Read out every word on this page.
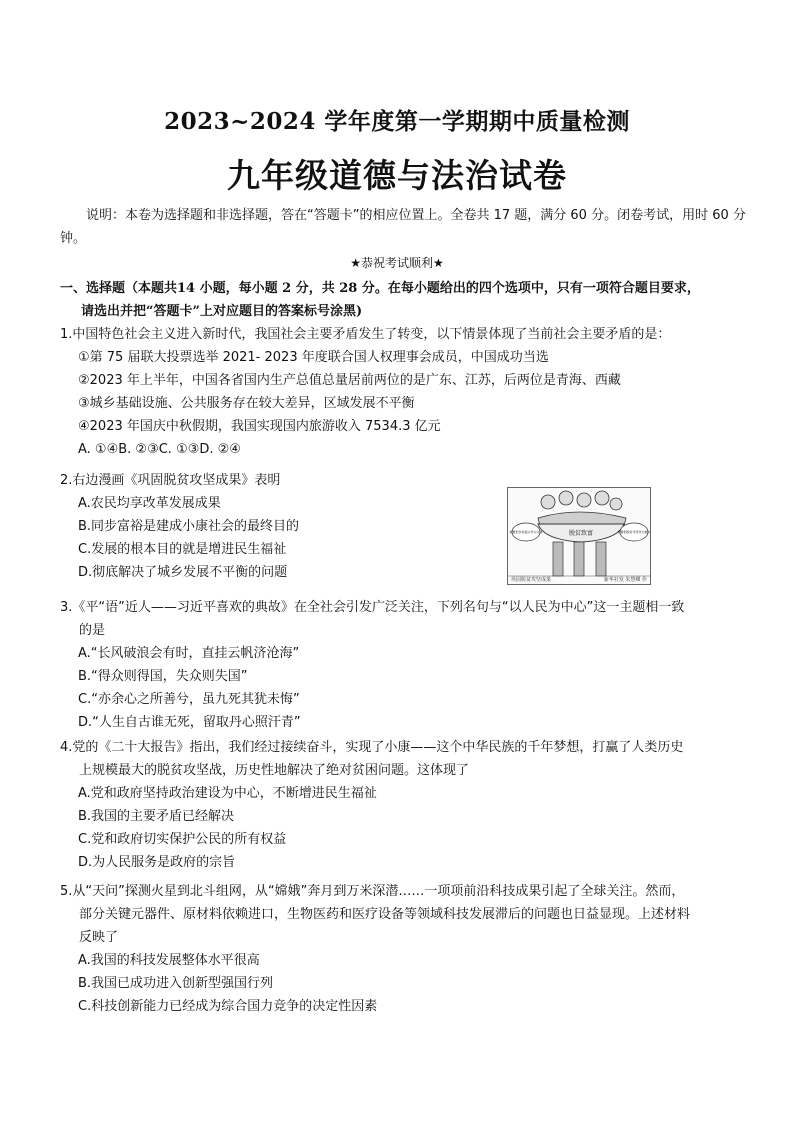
2023~2024 学年度第一学期期中质量检测
九年级道德与法治试卷
说明：本卷为选择题和非选择题，答在“答题卡”的相应位置上。全卷共 17 题，满分 60 分。闭卷考试，用时 60 分钟。
★恭祝考试顺利★
一、选择题（本题共14 小题，每小题 2 分，共 28 分。在每小题给出的四个选项中，只有一项符合题目要求，
请选出并把“答题卡”上对应题目的答案标号涂黑)
1.中国特色社会主义进入新时代，我国社会主要矛盾发生了转变，以下情景体现了当前社会主要矛盾的是：
①第 75 届联大投票选举 2021- 2023 年度联合国人权理事会成员，中国成功当选
②2023 年上半年，中国各省国内生产总值总量居前两位的是广东、江苏，后两位是青海、西藏
③城乡基础设施、公共服务存在较大差异，区域发展不平衡
④2023 年国庆中秋假期，我国实现国内旅游收入 7534.3 亿元
A. ①④B. ②③C. ①③D. ②④
2.右边漫画《巩固脱贫攻坚成果》表明
A.农民均享改革发展成果
B.同步富裕是建成小康社会的最终目的
C.发展的根本目的就是增进民生福祉
D.彻底解决了城乡发展不平衡的问题
脱贫致富
我要把乡村振兴作为主体	我要把脱贫攻坚作为推动
巩固脱贫攻坚成果	新华社发 朱慧卿 作
3.《平“语”近人——习近平喜欢的典故》在全社会引发广泛关注，下列名句与“以人民为中心”这一主题相一致
的是
A.“长风破浪会有时，直挂云帆济沧海”
B.“得众则得国，失众则失国”
C.“亦余心之所善兮，虽九死其犹未悔”
D.“人生自古谁无死，留取丹心照汗青”
4.党的《二十大报告》指出，我们经过接续奋斗，实现了小康——这个中华民族的千年梦想，打赢了人类历史
上规模最大的脱贫攻坚战，历史性地解决了绝对贫困问题。这体现了
A.党和政府坚持政治建设为中心，不断增进民生福祉
B.我国的主要矛盾已经解决
C.党和政府切实保护公民的所有权益
D.为人民服务是政府的宗旨
5.从“天问”探测火星到北斗组网，从“嫦娥”奔月到万米深潜……一项项前沿科技成果引起了全球关注。然而，
部分关键元器件、原材料依赖进口，生物医药和医疗设备等领域科技发展滞后的问题也日益显现。上述材料
反映了
A.我国的科技发展整体水平很高
B.我国已成功进入创新型强国行列
C.科技创新能力已经成为综合国力竞争的决定性因素
